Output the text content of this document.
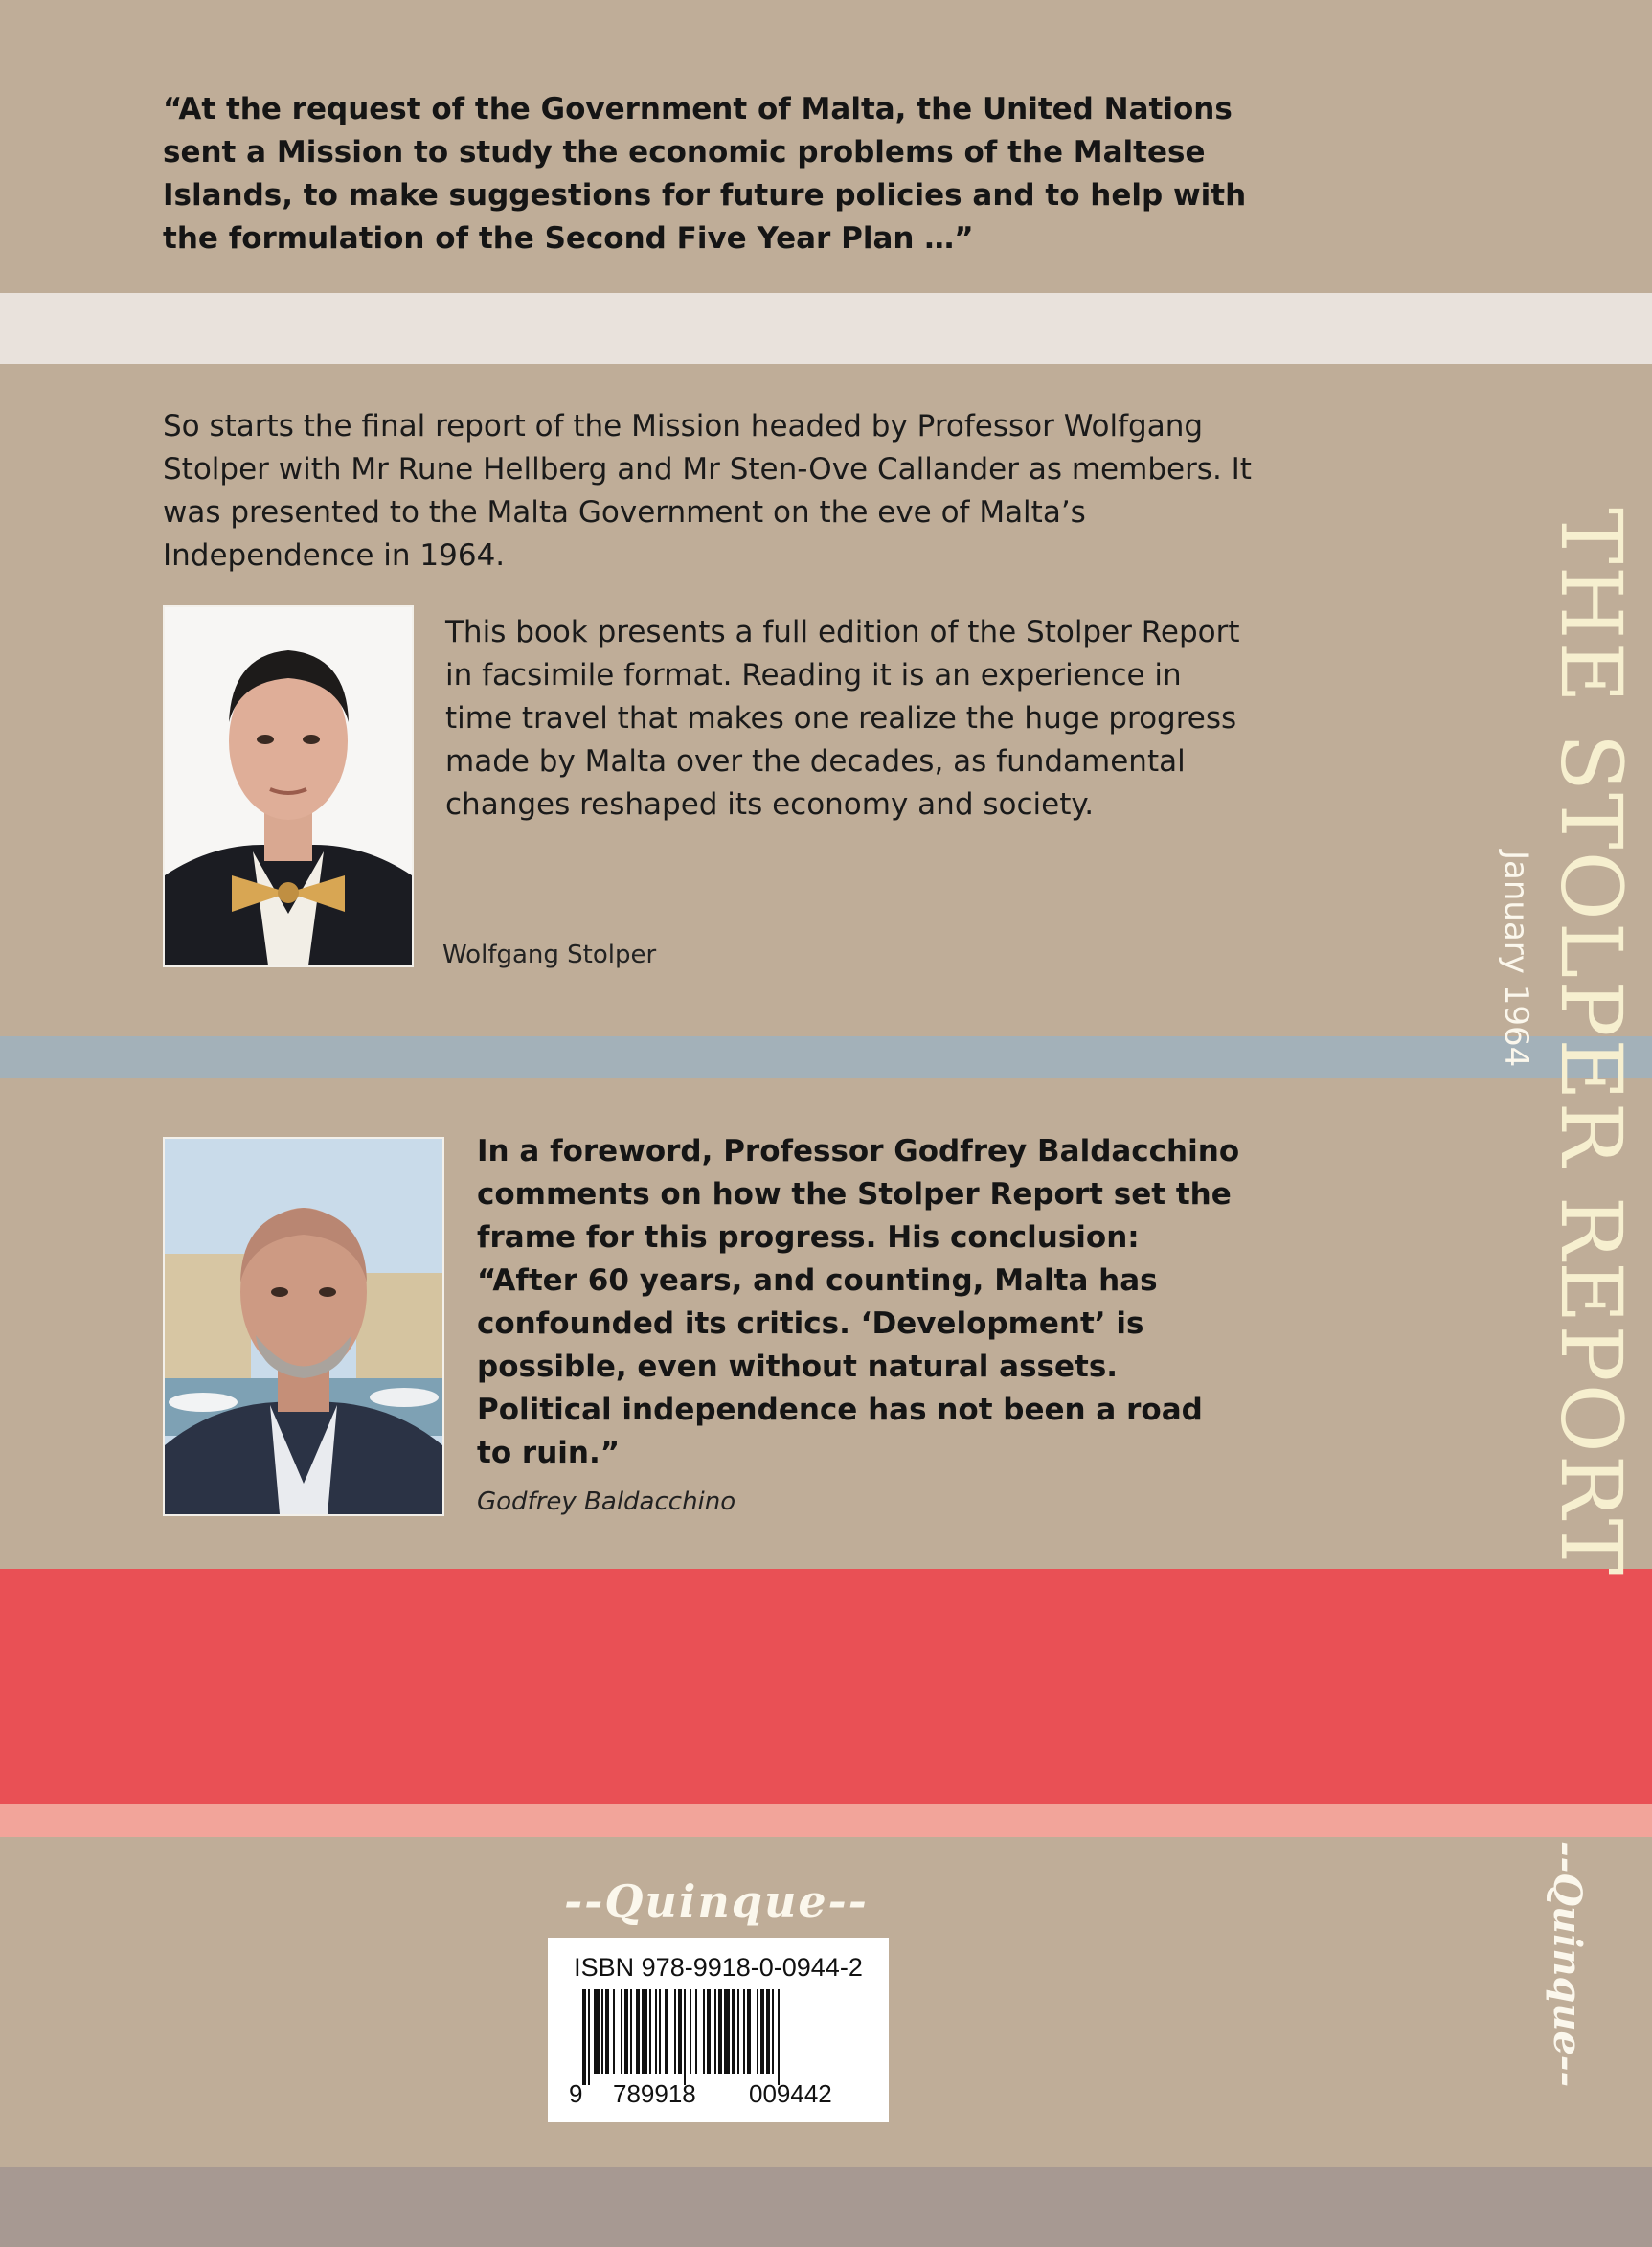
“At the request of the Government of Malta, the United Nations sent a Mission to study the economic problems of the Maltese Islands, to make suggestions for future policies and to help with the formulation of the Second Five Year Plan …”
So starts the final report of the Mission headed by Professor Wolfgang Stolper with Mr Rune Hellberg and Mr Sten-Ove Callander as members. It was presented to the Malta Government on the eve of Malta’s Independence in 1964.
This book presents a full edition of the Stolper Report in facsimile format. Reading it is an experience in time travel that makes one realize the huge progress made by Malta over the decades, as fundamental changes reshaped its economy and society.
Wolfgang Stolper
In a foreword, Professor Godfrey Baldacchino comments on how the Stolper Report set the frame for this progress. His conclusion: “After 60 years, and counting, Malta has confounded its critics. ‘Development’ is possible, even without natural assets. Political independence has not been a road to ruin.”
Godfrey Baldacchino	THE STOLPER REPORT
January 1964
--Quinque--
--Quinque--
ISBN 978-9918-0-0944-2
9 789918 009442
